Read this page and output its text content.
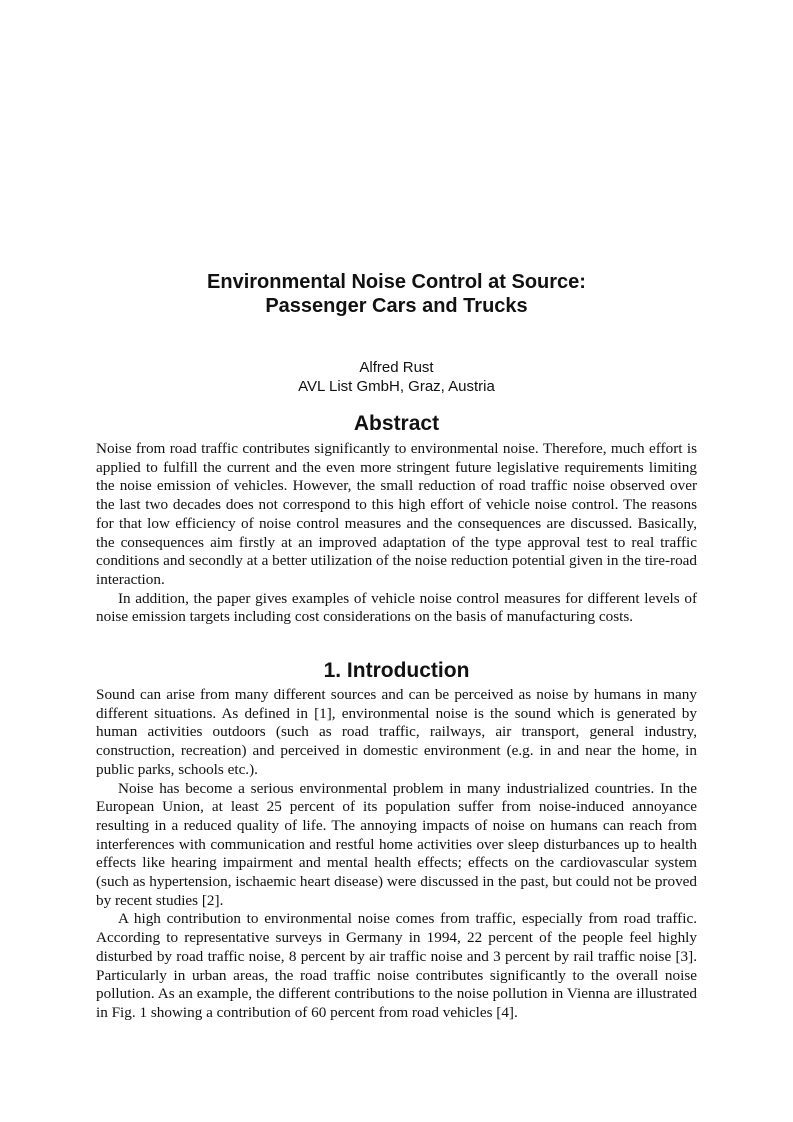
Environmental Noise Control at Source:
Passenger Cars and Trucks
Alfred Rust
AVL List GmbH, Graz, Austria
Abstract

Noise from road traffic contributes significantly to environmental noise. Therefore, much effort is applied to fulfill the current and the even more stringent future legislative requirements limiting the noise emission of vehicles. However, the small reduction of road traffic noise observed over the last two decades does not correspond to this high effort of vehicle noise control. The reasons for that low efficiency of noise control measures and the consequences are discussed. Basically, the consequences aim firstly at an improved adaptation of the type approval test to real traffic conditions and secondly at a better utilization of the noise reduction potential given in the tire-road interaction.

In addition, the paper gives examples of vehicle noise control measures for different levels of noise emission targets including cost considerations on the basis of manufacturing costs.

1. Introduction

Sound can arise from many different sources and can be perceived as noise by humans in many different situations. As defined in [1], environmental noise is the sound which is generated by human activities outdoors (such as road traffic, railways, air transport, general industry, construction, recreation) and perceived in domestic environment (e.g. in and near the home, in public parks, schools etc.).

Noise has become a serious environmental problem in many industrialized countries. In the European Union, at least 25 percent of its population suffer from noise-induced annoyance resulting in a reduced quality of life. The annoying impacts of noise on humans can reach from interferences with communication and restful home activities over sleep disturbances up to health effects like hearing impairment and mental health effects; effects on the cardiovascular system (such as hypertension, ischaemic heart disease) were discussed in the past, but could not be proved by recent studies [2].

A high contribution to environmental noise comes from traffic, especially from road traffic. According to representative surveys in Germany in 1994, 22 percent of the people feel highly disturbed by road traffic noise, 8 percent by air traffic noise and 3 percent by rail traffic noise [3]. Particularly in urban areas, the road traffic noise contributes significantly to the overall noise pollution. As an example, the different contributions to the noise pollution in Vienna are illustrated in Fig. 1 showing a contribution of 60 percent from road vehicles [4].
